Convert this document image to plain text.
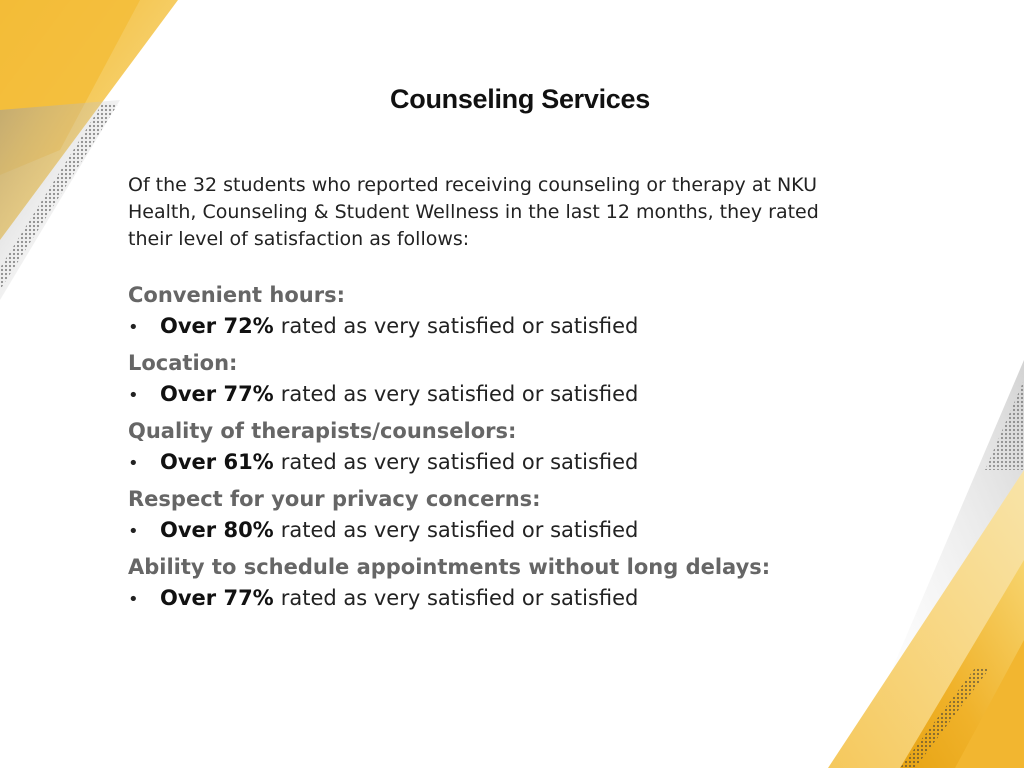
Counseling Services

Of the 32 students who reported receiving counseling or therapy at NKU Health, Counseling & Student Wellness in the last 12 months, they rated their level of satisfaction as follows:

Convenient hours:
•	Over 72% rated as very satisfied or satisfied
Location:
•	Over 77% rated as very satisfied or satisfied
Quality of therapists/counselors:
•	Over 61% rated as very satisfied or satisfied
Respect for your privacy concerns:
•	Over 80% rated as very satisfied or satisfied
Ability to schedule appointments without long delays:
•	Over 77% rated as very satisfied or satisfied
